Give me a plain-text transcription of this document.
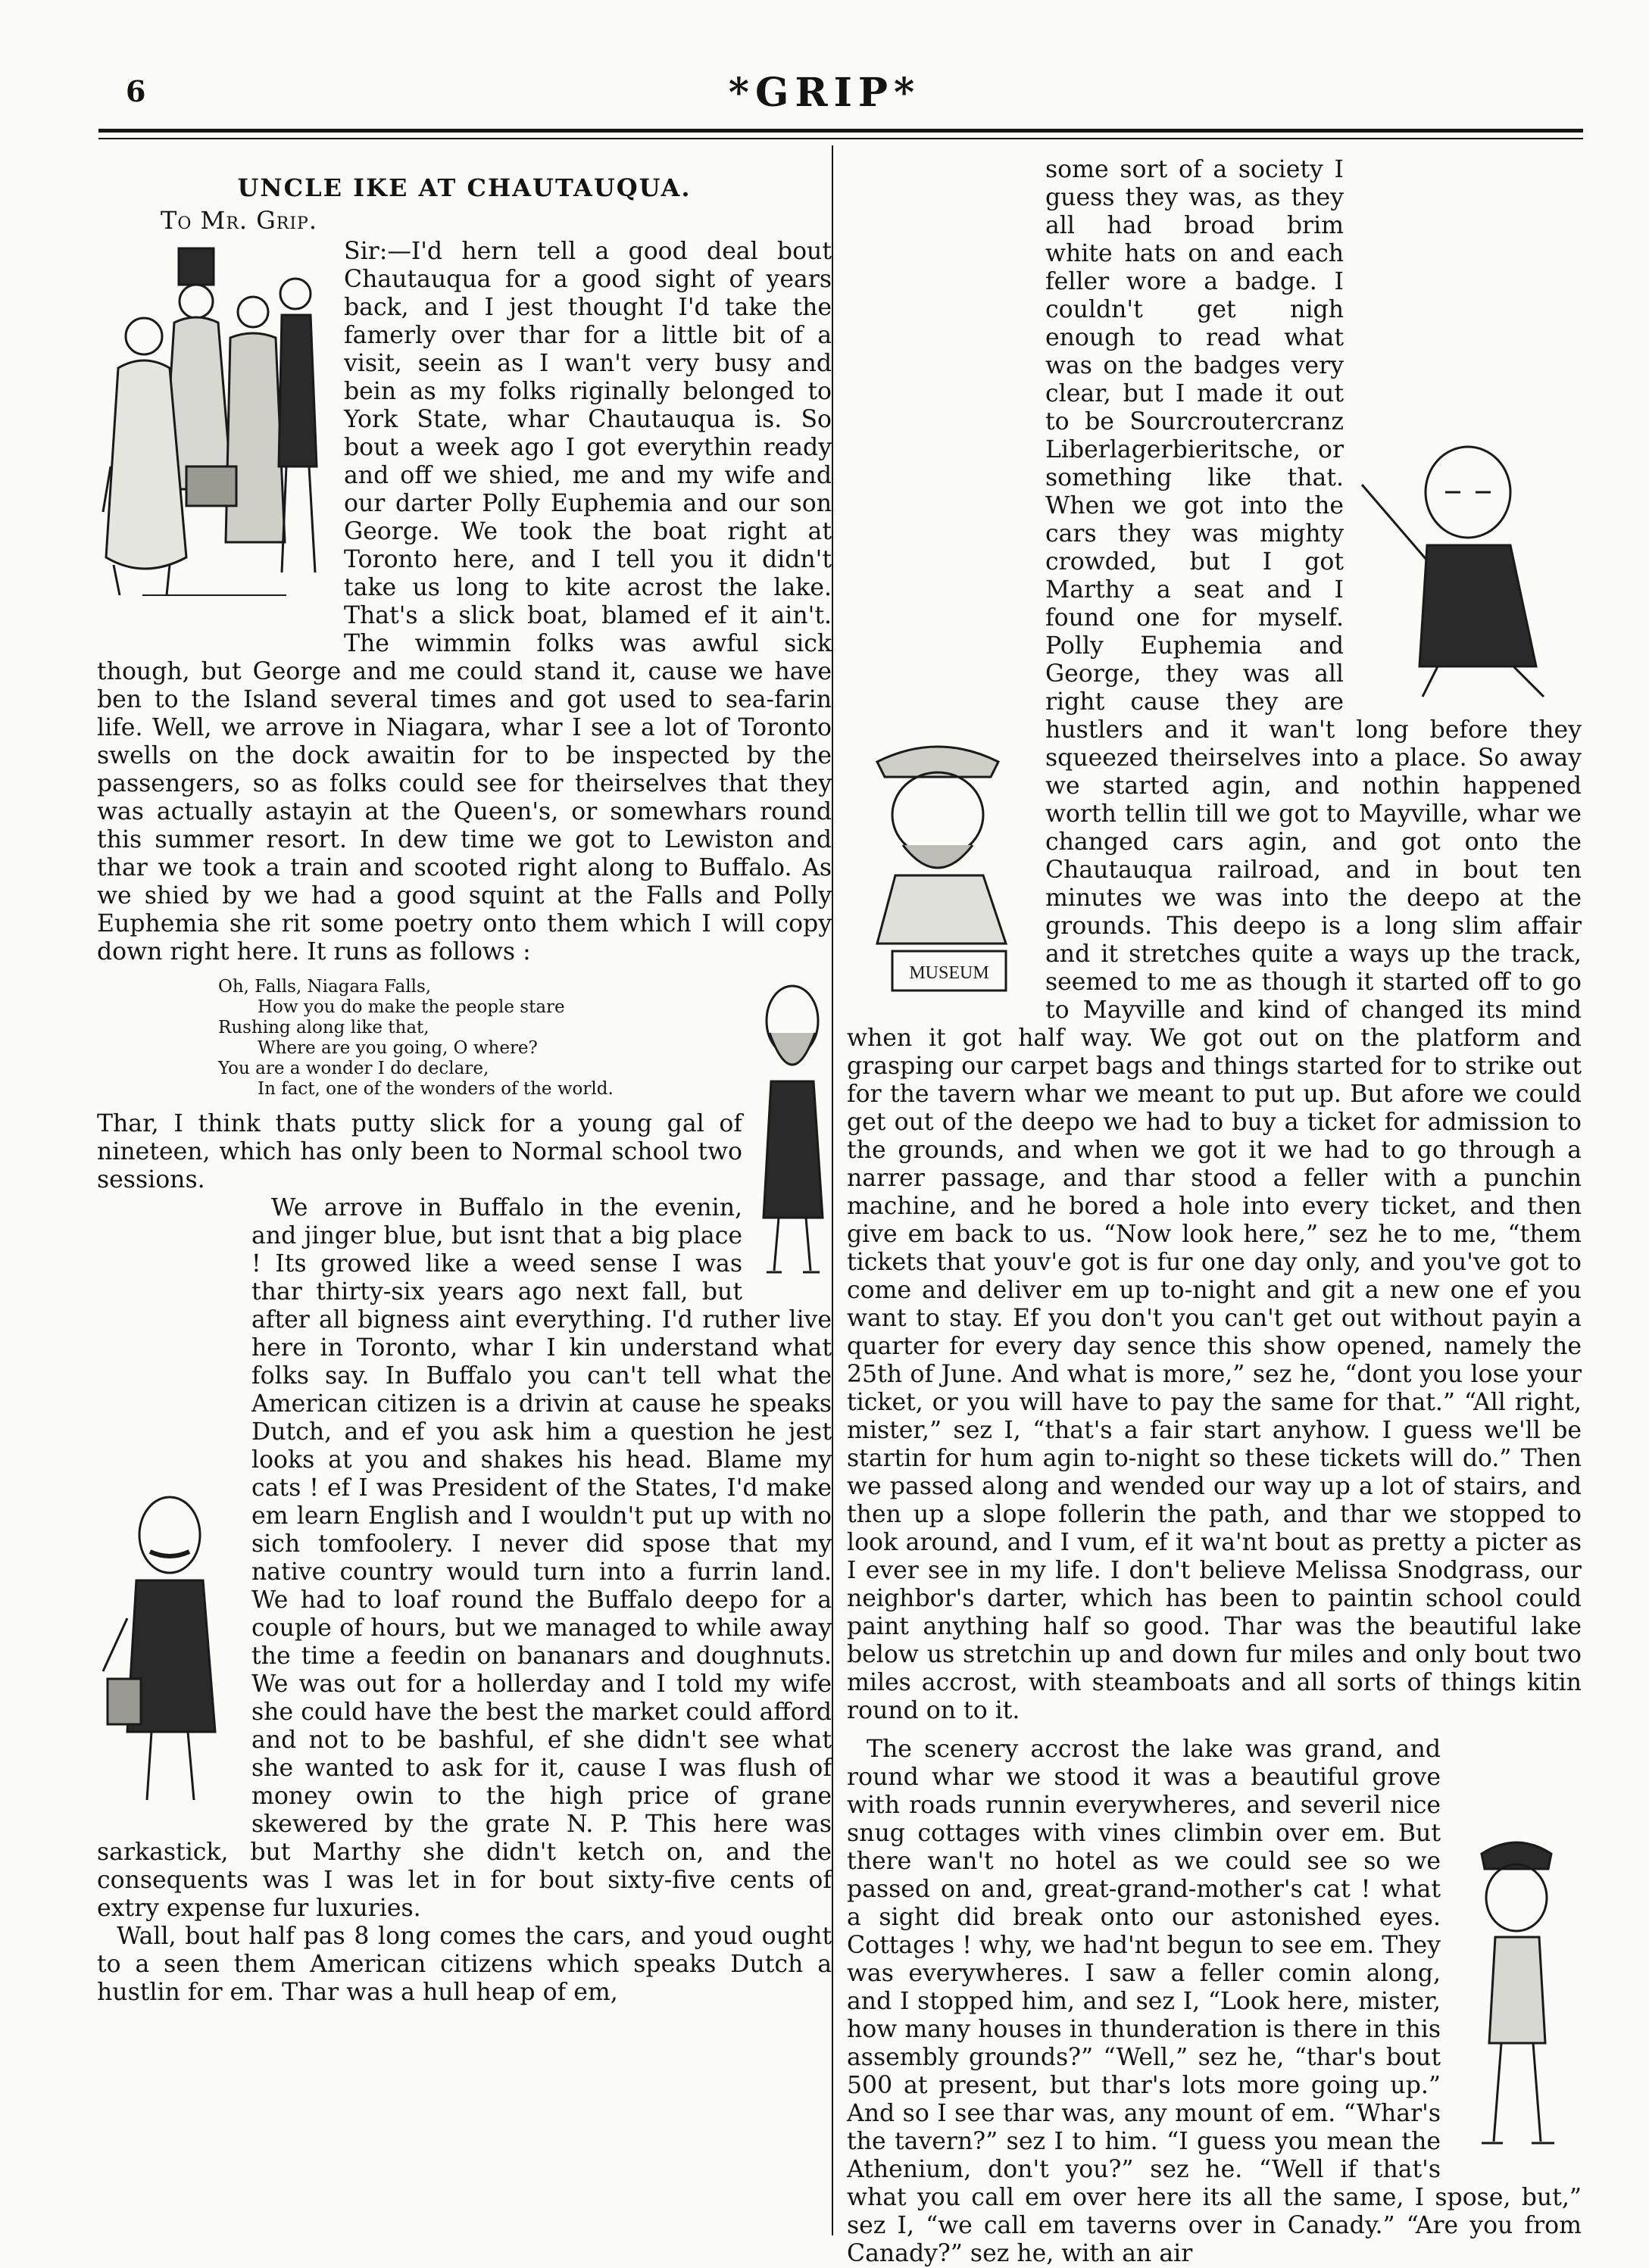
6	*GRIP*
UNCLE IKE AT CHAUTAUQUA.
To Mr. Grip.

Sir:—I'd hern tell a good deal bout Chautauqua for a good sight of years back, and I jest thought I'd take the famerly over thar for a little bit of a visit, seein as I wan't very busy and bein as my folks riginally belonged to York State, whar Chautauqua is. So bout a week ago I got everythin ready and off we shied, me and my wife and our darter Polly Euphemia and our son George. We took the boat right at Toronto here, and I tell you it didn't take us long to kite acrost the lake. That's a slick boat, blamed ef it ain't. The wimmin folks was awful sick though, but George and me could stand it, cause we have ben to the Island several times and got used to sea-farin life. Well, we arrove in Niagara, whar I see a lot of Toronto swells on the dock awaitin for to be inspected by the passengers, so as folks could see for theirselves that they was actually astayin at the Queen's, or somewhars round this summer resort. In dew time we got to Lewiston and thar we took a train and scooted right along to Buffalo. As we shied by we had a good squint at the Falls and Polly Euphemia she rit some poetry onto them which I will copy down right here. It runs as follows :

Oh, Falls, Niagara Falls,
How you do make the people stare
Rushing along like that,
Where are you going, O where?
You are a wonder I do declare,
In fact, one of the wonders of the world.

Thar, I think thats putty slick for a young gal of nineteen, which has only been to Normal school two sessions.

We arrove in Buffalo in the evenin, and jinger blue, but isnt that a big place ! Its growed like a weed sense I was thar thirty-six years ago next fall, but after all bigness aint everything. I'd ruther live here in Toronto, whar I kin understand what folks say. In Buffalo you can't tell what the American citizen is a drivin at cause he speaks Dutch, and ef you ask him a question he jest looks at you and shakes his head. Blame my cats ! ef I was President of the States, I'd make em learn English and I wouldn't put up with no sich tomfoolery. I never did spose that my native country would turn into a furrin land. We had to loaf round the Buffalo deepo for a couple of hours, but we managed to while away the time a feedin on bananars and doughnuts. We was out for a hollerday and I told my wife she could have the best the market could afford and not to be bashful, ef she didn't see what she wanted to ask for it, cause I was flush of money owin to the high price of grane skewered by the grate N. P. This here was sarkastick, but Marthy she didn't ketch on, and the consequents was I was let in for bout sixty-five cents of extry expense fur luxuries.

Wall, bout half pas 8 long comes the cars, and youd ought to a seen them American citizens which speaks Dutch a hustlin for em. Thar was a hull heap of em,

MUSEUM

some sort of a society I guess they was, as they all had broad brim white hats on and each feller wore a badge. I couldn't get nigh enough to read what was on the badges very clear, but I made it out to be Sourcroutercranz Liberlagerbieritsche, or something like that. When we got into the cars they was mighty crowded, but I got Marthy a seat and I found one for myself. Polly Euphemia and George, they was all right cause they are hustlers and it wan't long before they squeezed theirselves into a place. So away we started agin, and nothin happened worth tellin till we got to Mayville, whar we changed cars agin, and got onto the Chautauqua railroad, and in bout ten minutes we was into the deepo at the grounds. This deepo is a long slim affair and it stretches quite a ways up the track, seemed to me as though it started off to go to Mayville and kind of changed its mind when it got half way. We got out on the platform and grasping our carpet bags and things started for to strike out for the tavern whar we meant to put up. But afore we could get out of the deepo we had to buy a ticket for admission to the grounds, and when we got it we had to go through a narrer passage, and thar stood a feller with a punchin machine, and he bored a hole into every ticket, and then give em back to us. “Now look here,” sez he to me, “them tickets that youv'e got is fur one day only, and you've got to come and deliver em up to-night and git a new one ef you want to stay. Ef you don't you can't get out without payin a quarter for every day sence this show opened, namely the 25th of June. And what is more,” sez he, “dont you lose your ticket, or you will have to pay the same for that.” “All right, mister,” sez I, “that's a fair start anyhow. I guess we'll be startin for hum agin to-night so these tickets will do.” Then we passed along and wended our way up a lot of stairs, and then up a slope follerin the path, and thar we stopped to look around, and I vum, ef it wa'nt bout as pretty a picter as I ever see in my life. I don't believe Melissa Snodgrass, our neighbor's darter, which has been to paintin school could paint anything half so good. Thar was the beautiful lake below us stretchin up and down fur miles and only bout two miles accrost, with steamboats and all sorts of things kitin round on to it.

The scenery accrost the lake was grand, and round whar we stood it was a beautiful grove with roads runnin everywheres, and severil nice snug cottages with vines climbin over em. But there wan't no hotel as we could see so we passed on and, great-grand-mother's cat ! what a sight did break onto our astonished eyes. Cottages ! why, we had'nt begun to see em. They was everywheres. I saw a feller comin along, and I stopped him, and sez I, “Look here, mister, how many houses in thunderation is there in this assembly grounds?” “Well,” sez he, “thar's bout 500 at present, but thar's lots more going up.” And so I see thar was, any mount of em. “Whar's the tavern?” sez I to him. “I guess you mean the Athenium, don't you?” sez he. “Well if that's what you call em over here its all the same, I spose, but,” sez I, “we call em taverns over in Canady.” “Are you from Canady?” sez he, with an air
